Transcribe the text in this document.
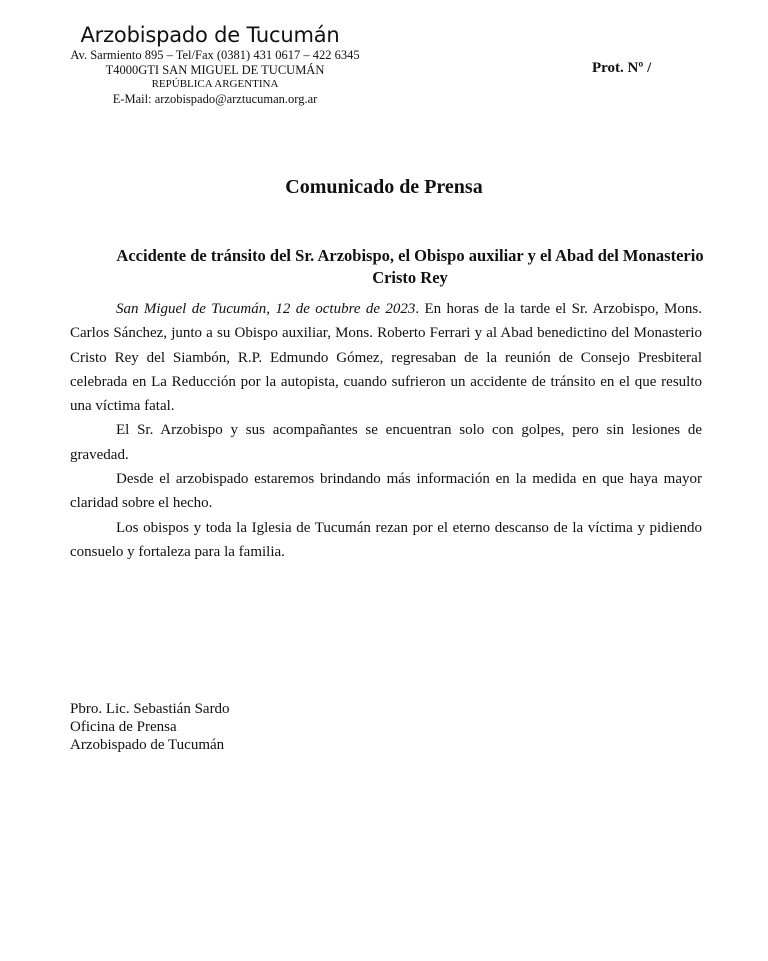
Arzobispado de Tucumán
Av. Sarmiento 895 – Tel/Fax (0381) 431 0617 – 422 6345
T4000GTI SAN MIGUEL DE TUCUMÁN
REPÚBLICA ARGENTINA
E-Mail: arzobispado@arztucuman.org.ar
Prot. Nº /
Comunicado de Prensa
Accidente de tránsito del Sr. Arzobispo, el Obispo auxiliar y el Abad del Monasterio Cristo Rey

San Miguel de Tucumán, 12 de octubre de 2023. En horas de la tarde el Sr. Arzobispo, Mons. Carlos Sánchez, junto a su Obispo auxiliar, Mons. Roberto Ferrari y al Abad benedictino del Monasterio Cristo Rey del Siambón, R.P. Edmundo Gómez, regresaban de la reunión de Consejo Presbiteral celebrada en La Reducción por la autopista, cuando sufrieron un accidente de tránsito en el que resulto una víctima fatal.

El Sr. Arzobispo y sus acompañantes se encuentran solo con golpes, pero sin lesiones de gravedad.

Desde el arzobispado estaremos brindando más información en la medida en que haya mayor claridad sobre el hecho.

Los obispos y toda la Iglesia de Tucumán rezan por el eterno descanso de la víctima y pidiendo consuelo y fortaleza para la familia.

Pbro. Lic. Sebastián Sardo
Oficina de Prensa
Arzobispado de Tucumán
